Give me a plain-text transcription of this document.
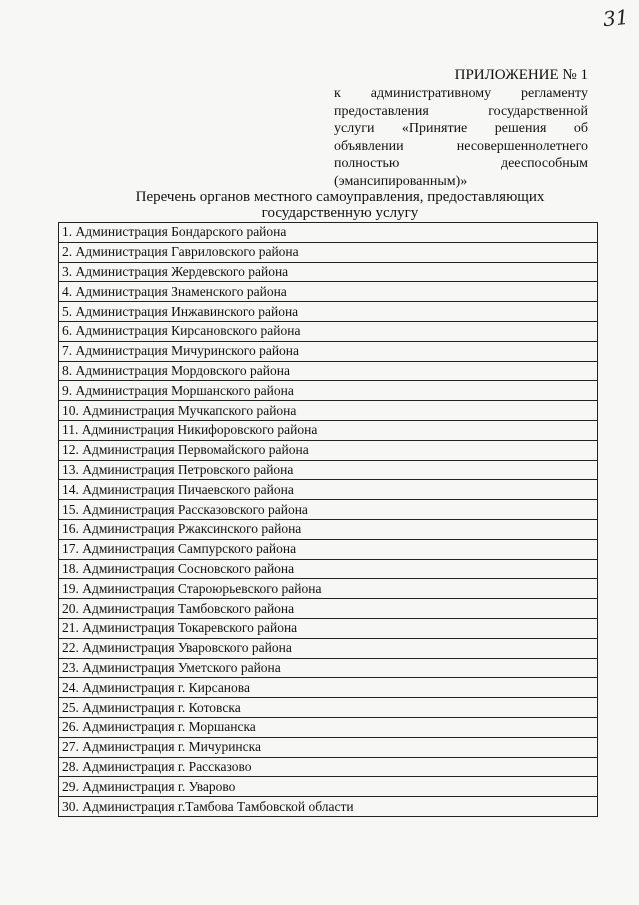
31
ПРИЛОЖЕНИЕ № 1
к административному регламенту
предоставления государственной
услуги «Принятие решения об
объявлении несовершеннолетнего
полностью дееспособным
(эмансипированным)»
Перечень органов местного самоуправления, предоставляющих государственную услугу
1. Администрация Бондарского района
2. Администрация Гавриловского района
3. Администрация Жердевского района
4. Администрация Знаменского района
5. Администрация Инжавинского района
6. Администрация Кирсановского района
7. Администрация Мичуринского района
8. Администрация Мордовского района
9. Администрация Моршанского района
10. Администрация Мучкапского района
11. Администрация Никифоровского района
12. Администрация Первомайского района
13. Администрация Петровского района
14. Администрация Пичаевского района
15. Администрация Рассказовского района
16. Администрация Ржаксинского района
17. Администрация Сампурского района
18. Администрация Сосновского района
19. Администрация Староюрьевского района
20. Администрация Тамбовского района
21. Администрация Токаревского района
22. Администрация Уваровского района
23. Администрация Уметского района
24. Администрация г. Кирсанова
25. Администрация г. Котовска
26. Администрация г. Моршанска
27. Администрация г. Мичуринска
28. Администрация г. Рассказово
29. Администрация г. Уварово
30. Администрация г.Тамбова Тамбовской области
